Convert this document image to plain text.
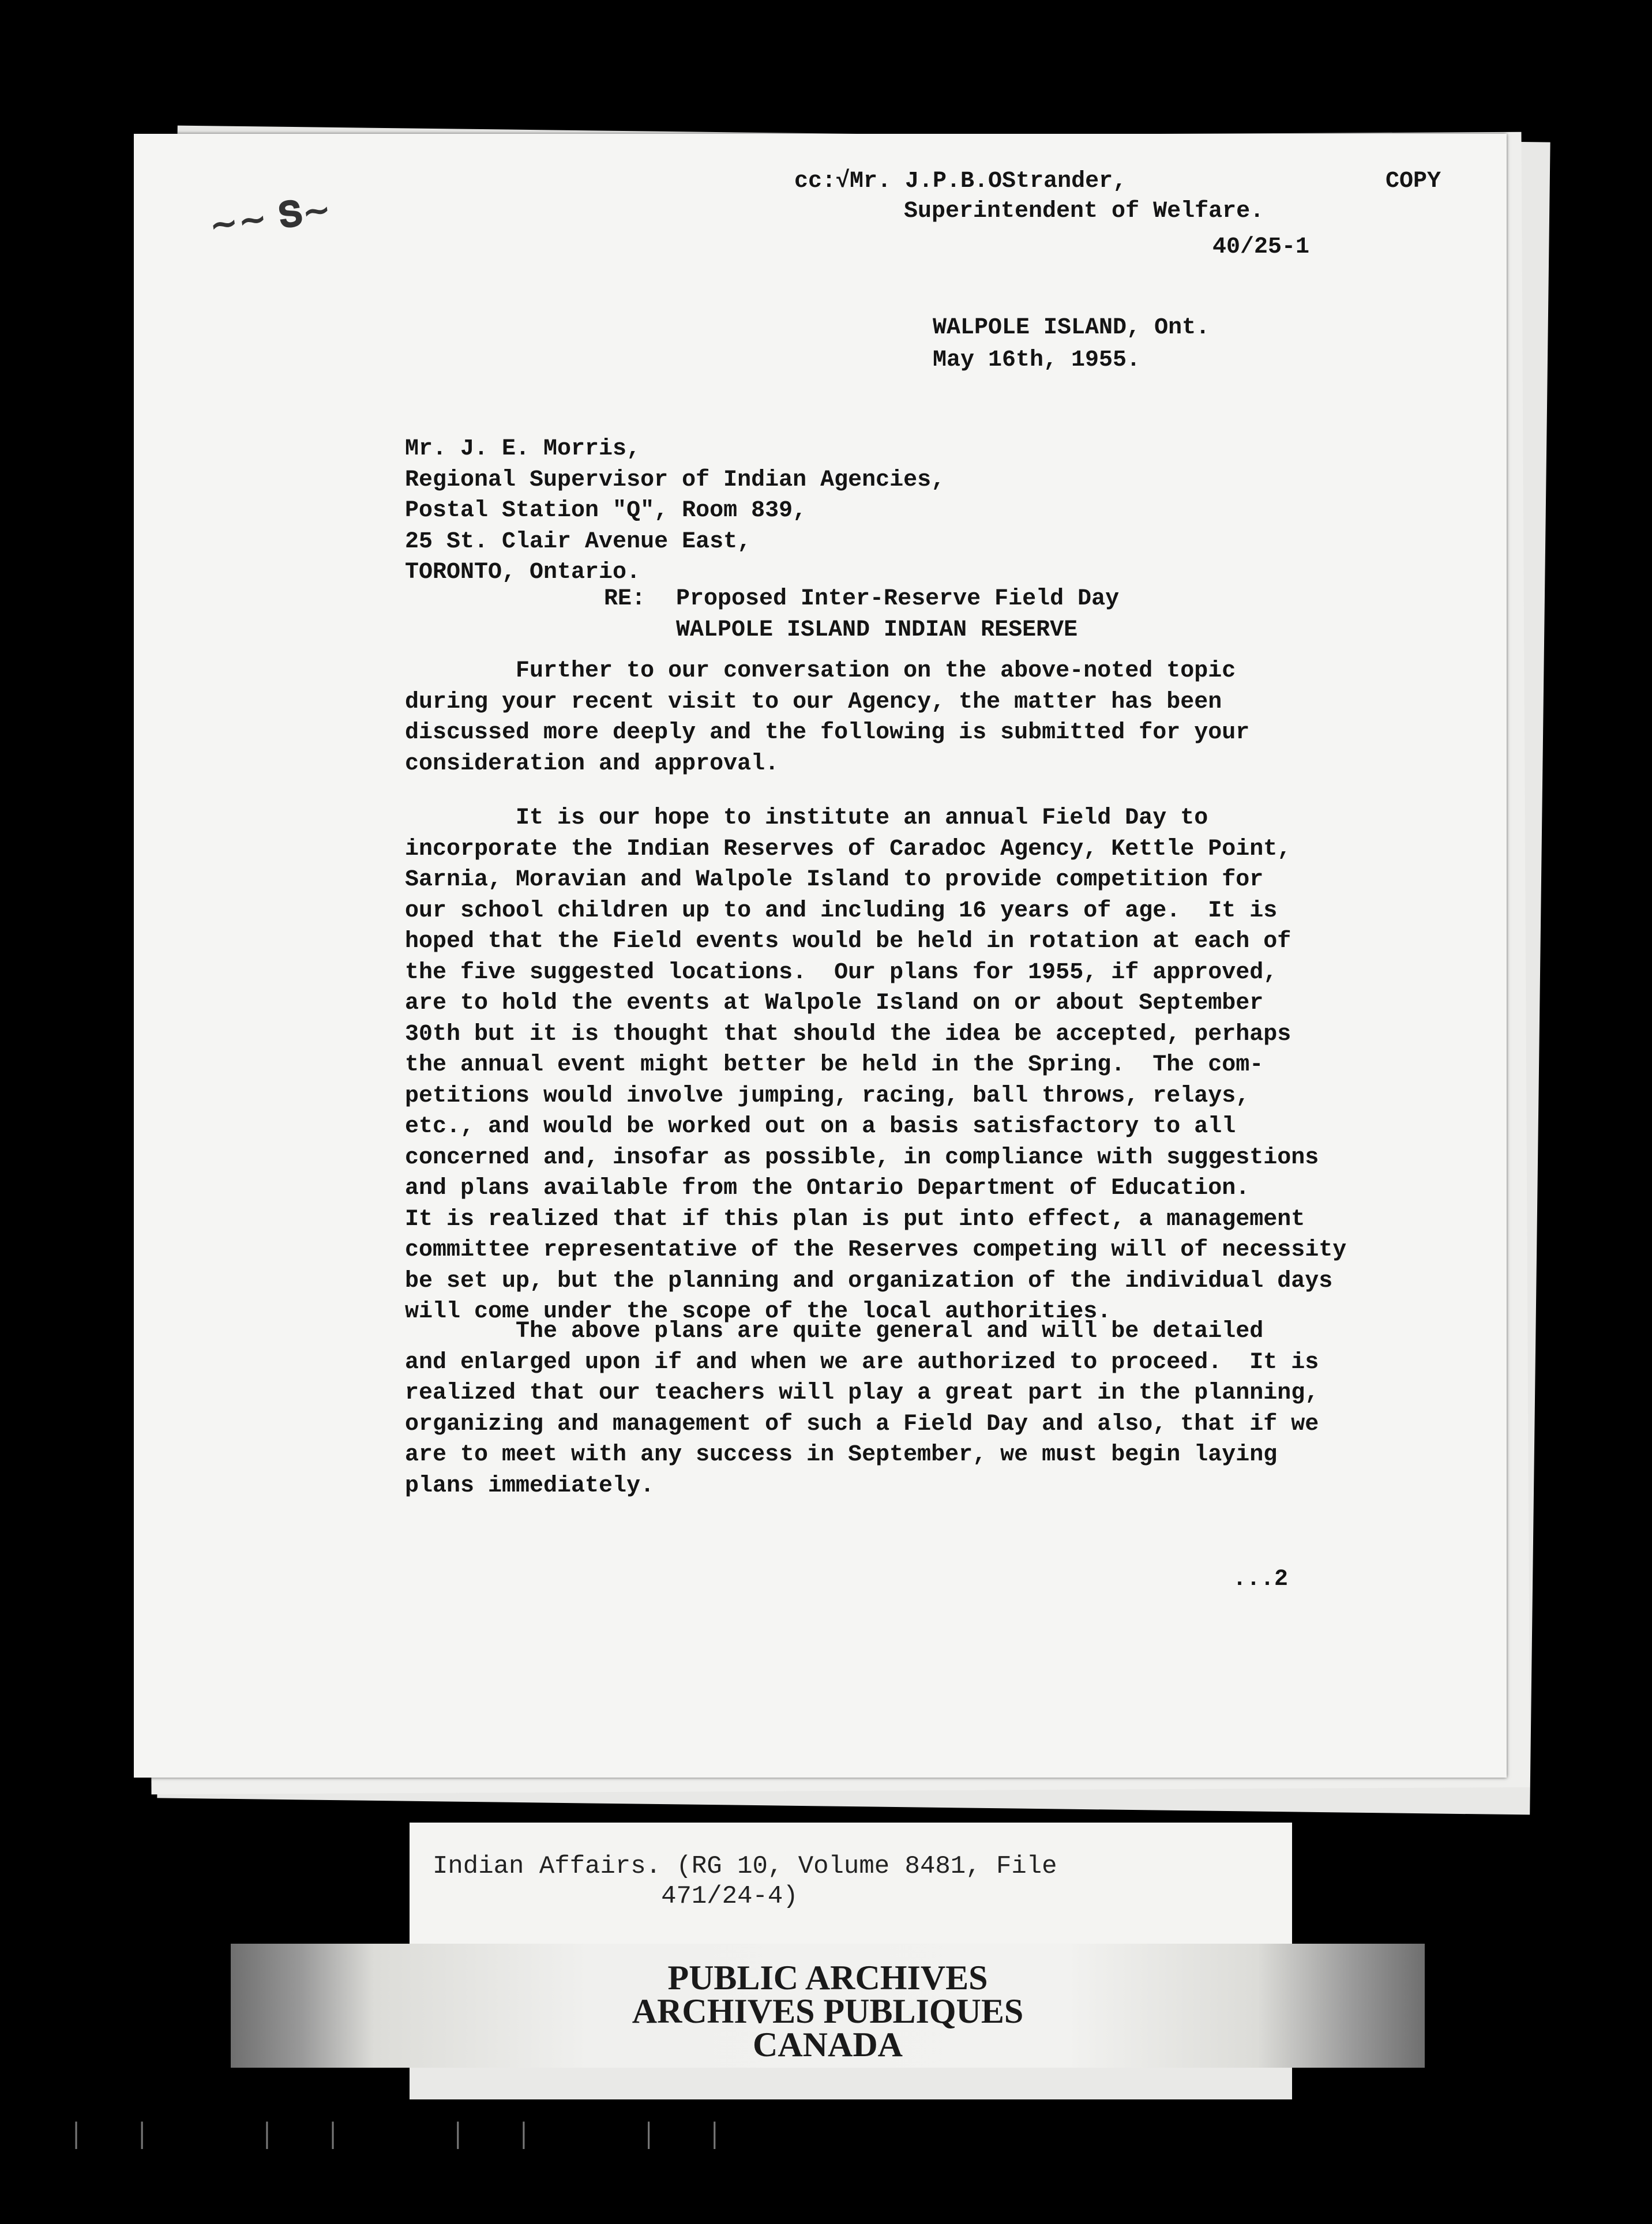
~~ 𝐒~
cc:√Mr. J.P.B.OStrander,
Superintendent of Welfare.
COPY
40/25-1
WALPOLE ISLAND, Ont.
May 16th, 1955.
Mr. J. E. Morris,
Regional Supervisor of Indian Agencies,
Postal Station "Q", Room 839,
25 St. Clair Avenue East,
TORONTO, Ontario.
RE: Proposed Inter-Reserve Field Day
WALPOLE ISLAND INDIAN RESERVE
Further to our conversation on the above-noted topic
during your recent visit to our Agency, the matter has been
discussed more deeply and the following is submitted for your
consideration and approval.
It is our hope to institute an annual Field Day to
incorporate the Indian Reserves of Caradoc Agency, Kettle Point,
Sarnia, Moravian and Walpole Island to provide competition for
our school children up to and including 16 years of age.  It is
hoped that the Field events would be held in rotation at each of
the five suggested locations.  Our plans for 1955, if approved,
are to hold the events at Walpole Island on or about September
30th but it is thought that should the idea be accepted, perhaps
the annual event might better be held in the Spring.  The com-
petitions would involve jumping, racing, ball throws, relays,
etc., and would be worked out on a basis satisfactory to all
concerned and, insofar as possible, in compliance with suggestions
and plans available from the Ontario Department of Education.
It is realized that if this plan is put into effect, a management
committee representative of the Reserves competing will of necessity
be set up, but the planning and organization of the individual days
will come under the scope of the local authorities.
The above plans are quite general and will be detailed
and enlarged upon if and when we are authorized to proceed.  It is
realized that our teachers will play a great part in the planning,
organizing and management of such a Field Day and also, that if we
are to meet with any success in September, we must begin laying
plans immediately.
...2
Indian Affairs. (RG 10, Volume 8481, File
471/24-4)
PUBLIC ARCHIVES
ARCHIVES PUBLIQUES
CANADA
││ ││ ││ ││
